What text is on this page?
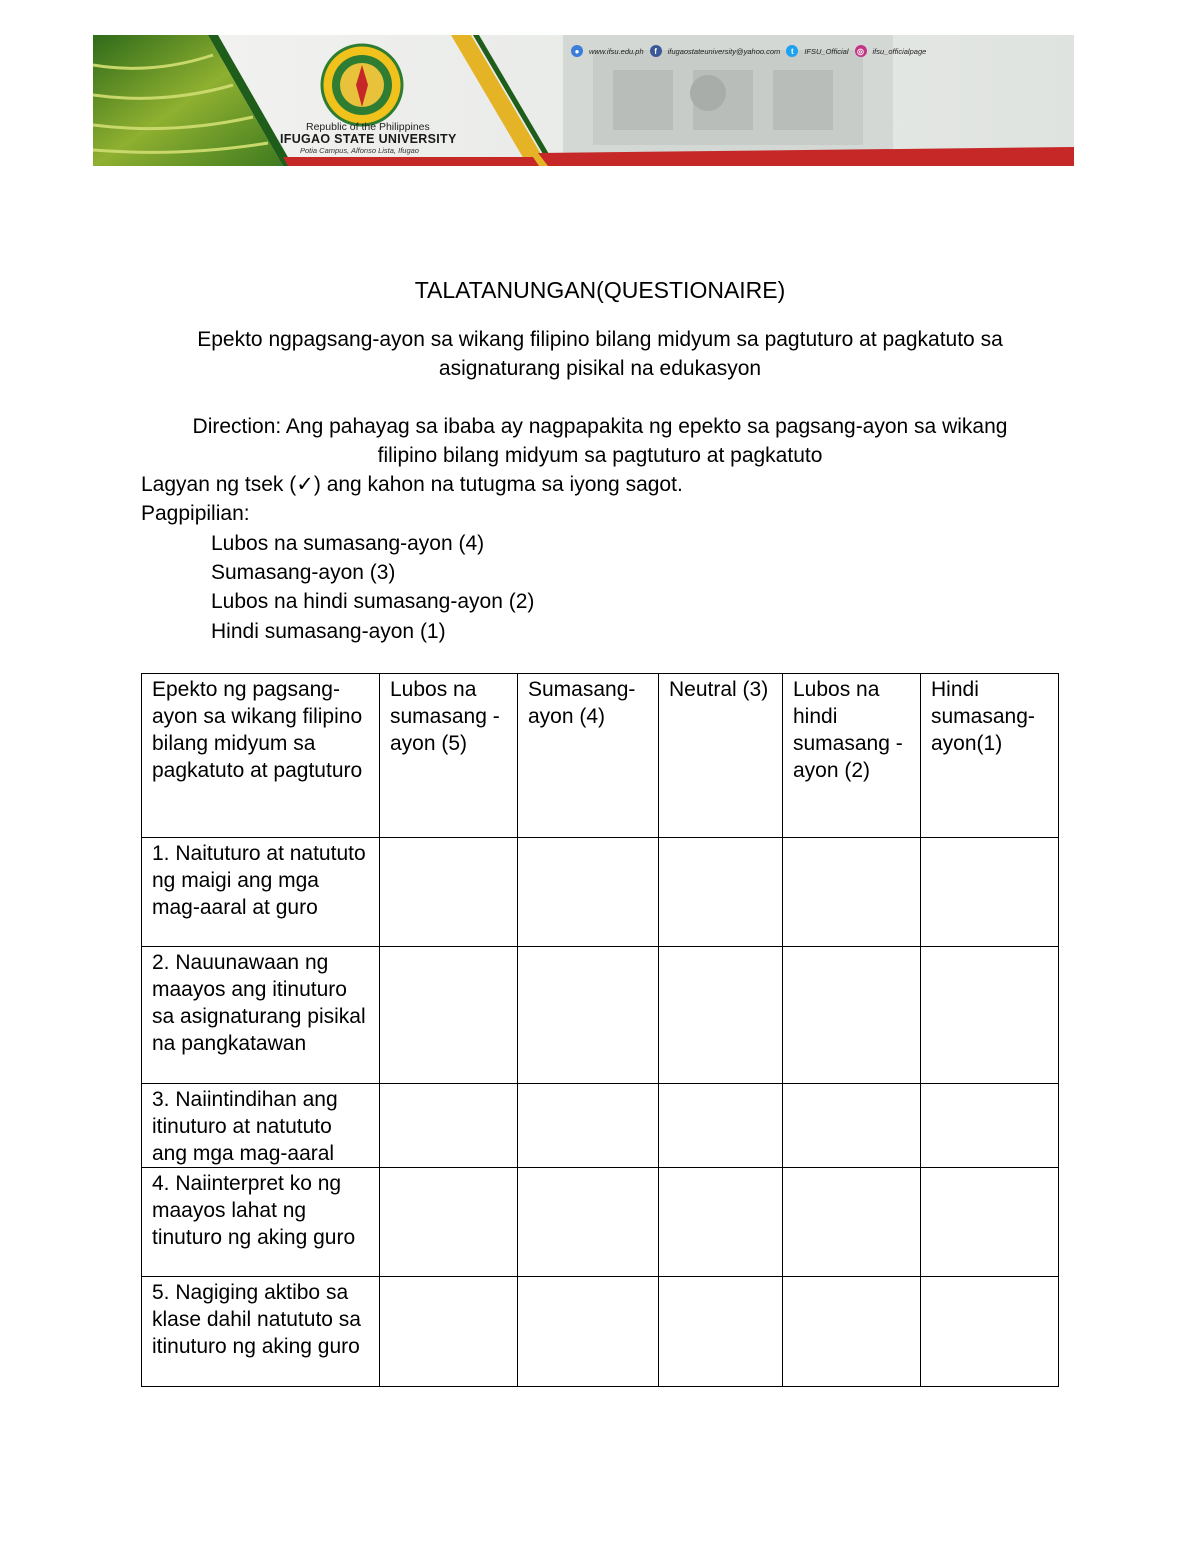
●	www.ifsu.edu.ph	f	ifugaostateuniversity@yahoo.com	t	IFSU_Official	◎	ifsu_officialpage
Republic of the Philippines
IFUGAO STATE UNIVERSITY
Potia Campus, Alfonso Lista, Ifugao
TALATANUNGAN(QUESTIONAIRE)
Epekto ngpagsang-ayon sa wikang filipino bilang midyum sa pagtuturo at pagkatuto sa
asignaturang pisikal na edukasyon
Direction: Ang pahayag sa ibaba ay nagpapakita ng epekto sa pagsang-ayon sa wikang
filipino bilang midyum sa pagtuturo at pagkatuto
Lagyan ng tsek (✓) ang kahon na tutugma sa iyong sagot.
Pagpipilian:
Lubos na sumasang-ayon (4)
Sumasang-ayon (3)
Lubos na hindi sumasang-ayon (2)
Hindi sumasang-ayon (1)
Epekto ng pagsang-ayon sa wikang filipino bilang midyum sa pagkatuto at pagtuturo	Lubos na sumasang -ayon (5)	Sumasang-ayon (4)	Neutral (3)	Lubos na hindi sumasang -ayon (2)	Hindi sumasang-ayon(1)
1. Naituturo at natututo ng maigi ang mga mag-aaral at guro					
2. Nauunawaan ng maayos ang itinuturo sa asignaturang pisikal na pangkatawan					
3. Naiintindihan ang itinuturo at natututo ang mga mag-aaral					
4. Naiinterpret ko ng maayos lahat ng tinuturo ng aking guro					
5. Nagiging aktibo sa klase dahil natututo sa itinuturo ng aking guro					
